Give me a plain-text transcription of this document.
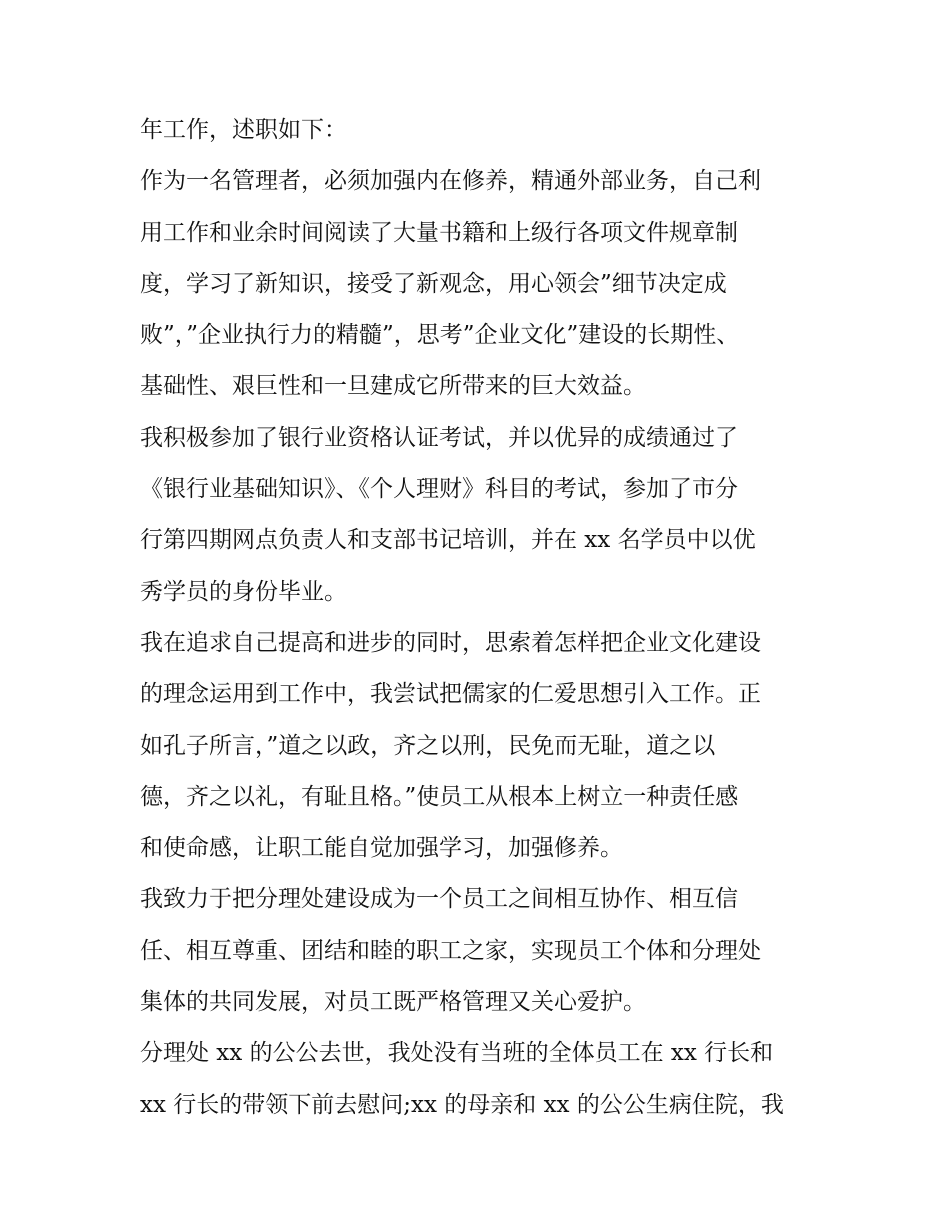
年工作，述职如下：
作为一名管理者，必须加强内在修养，精通外部业务，自己利
用工作和业余时间阅读了大量书籍和上级行各项文件规章制
度，学习了新知识，接受了新观念，用心领会”细节决定成
败”，”企业执行力的精髓”，思考”企业文化”建设的长期性、
基础性、艰巨性和一旦建成它所带来的巨大效益。
我积极参加了银行业资格认证考试，并以优异的成绩通过了
《银行业基础知识》、《个人理财》科目的考试，参加了市分
行第四期网点负责人和支部书记培训，并在 xx 名学员中以优
秀学员的身份毕业。
我在追求自己提高和进步的同时，思索着怎样把企业文化建设
的理念运用到工作中，我尝试把儒家的仁爱思想引入工作。正
如孔子所言，”道之以政，齐之以刑，民免而无耻，道之以
德，齐之以礼，有耻且格。”使员工从根本上树立一种责任感
和使命感，让职工能自觉加强学习，加强修养。
我致力于把分理处建设成为一个员工之间相互协作、相互信
任、相互尊重、团结和睦的职工之家，实现员工个体和分理处
集体的共同发展，对员工既严格管理又关心爱护。
分理处 xx 的公公去世，我处没有当班的全体员工在 xx 行长和
xx 行长的带领下前去慰问;xx 的母亲和 xx 的公公生病住院，我
